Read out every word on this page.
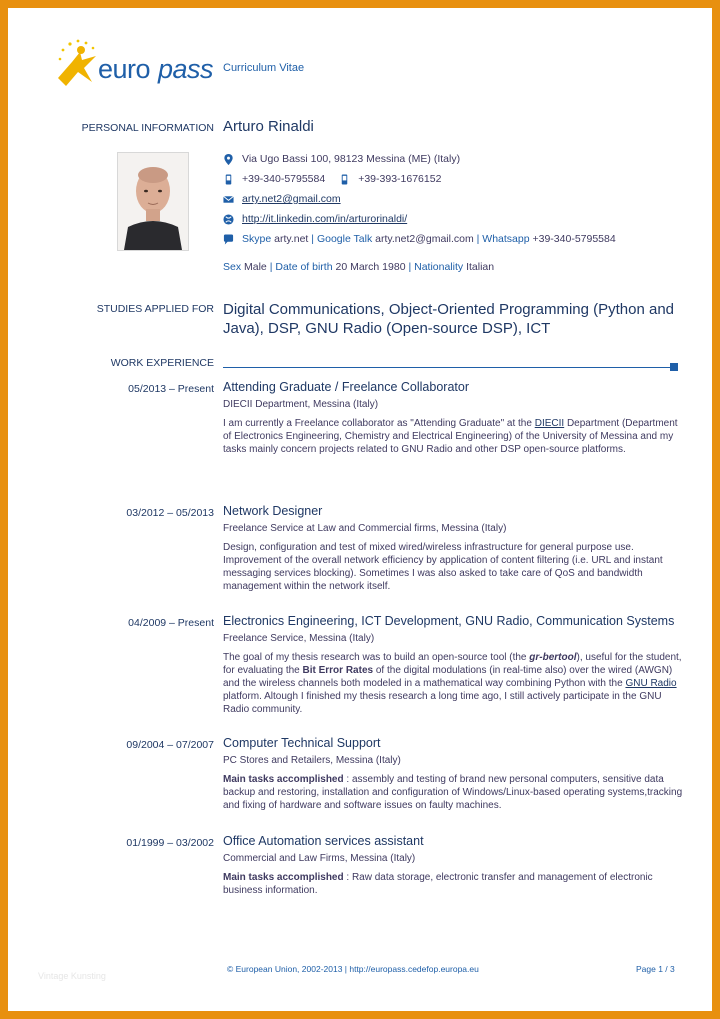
euro pass Curriculum Vitae
PERSONAL INFORMATION Arturo Rinaldi
Via Ugo Bassi 100, 98123 Messina (ME) (Italy)
+39-340-5795584	+39-393-1676152
arty.net2@gmail.com
http://it.linkedin.com/in/arturorinaldi/
Skype
arty.net
|
Google Talk
arty.net2@gmail.com
|
Whatsapp
+39-340-5795584
Sex Male | Date of birth 20 March 1980 | Nationality Italian
STUDIES APPLIED FOR Digital Communications, Object-Oriented Programming (Python and Java), DSP, GNU Radio (Open-source DSP), ICT
WORK EXPERIENCE
05/2013 – Present Attending Graduate / Freelance Collaborator
DIECII Department, Messina (Italy)
I am currently a Freelance collaborator as "Attending Graduate" at the DIECII Department (Department of Electronics Engineering, Chemistry and Electrical Engineering) of the University of Messina and my tasks mainly concern projects related to GNU Radio and other DSP open-source platforms.
03/2012 – 05/2013 Network Designer
Freelance Service at Law and Commercial firms, Messina (Italy)
Design, configuration and test of mixed wired/wireless infrastructure for general purpose use. Improvement of the overall network efficiency by application of content filtering (i.e. URL and instant messaging services blocking). Sometimes I was also asked to take care of QoS and bandwidth management within the network itself.
04/2009 – Present Electronics Engineering, ICT Development, GNU Radio, Communication Systems
Freelance Service, Messina (Italy)
The goal of my thesis research was to build an open-source tool (the gr-bertool), useful for the student, for evaluating the Bit Error Rates of the digital modulations (in real-time also) over the wired (AWGN) and the wireless channels both modeled in a mathematical way combining Python with the GNU Radio platform. Altough I finished my thesis research a long time ago, I still actively participate in the GNU Radio community.
09/2004 – 07/2007 Computer Technical Support
PC Stores and Retailers, Messina (Italy)
Main tasks accomplished : assembly and testing of brand new personal computers, sensitive data backup and restoring, installation and configuration of Windows/Linux-based operating systems,tracking and fixing of hardware and software issues on faulty machines.
01/1999 – 03/2002 Office Automation services assistant
Commercial and Law Firms, Messina (Italy)
Main tasks accomplished : Raw data storage, electronic transfer and management of electronic business information.
Vintage Kunsting
© European Union, 2002-2013 | http://europass.cedefop.europa.eu	Page 1 / 3
